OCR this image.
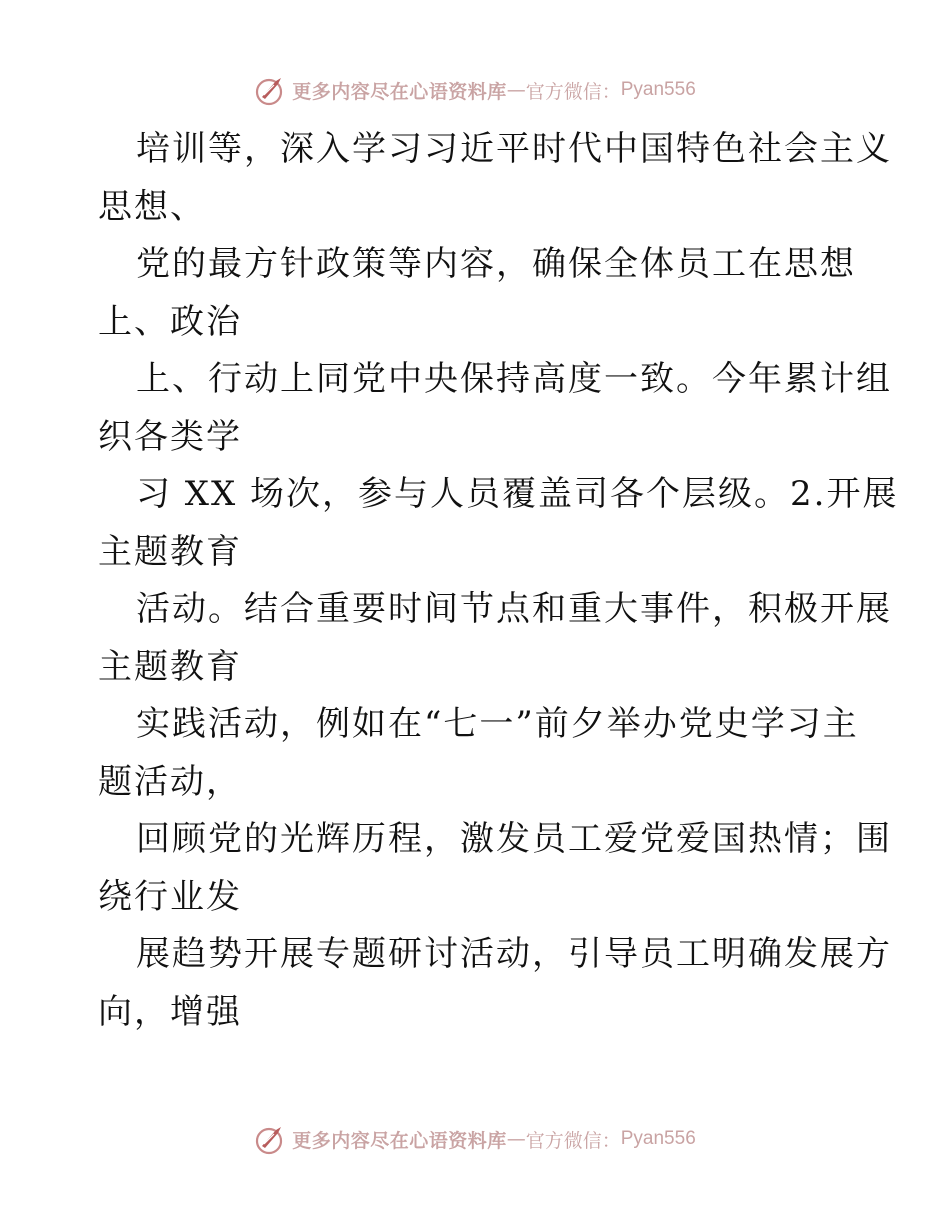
更多内容尽在心语资料库 — 官方微信： Pyan556
培训等，深入学习习近平时代中国特色社会主义
思想、
党的最方针政策等内容，确保全体员工在思想
上、政治
上、行动上同党中央保持高度一致。今年累计组
织各类学
习 XX 场次，参与人员覆盖司各个层级。2.开展
主题教育
活动。结合重要时间节点和重大事件，积极开展
主题教育
实践活动，例如在“七一”前夕举办党史学习主
题活动，
回顾党的光辉历程，激发员工爱党爱国热情；围
绕行业发
展趋势开展专题研讨活动，引导员工明确发展方
向，增强
更多内容尽在心语资料库 — 官方微信： Pyan556
